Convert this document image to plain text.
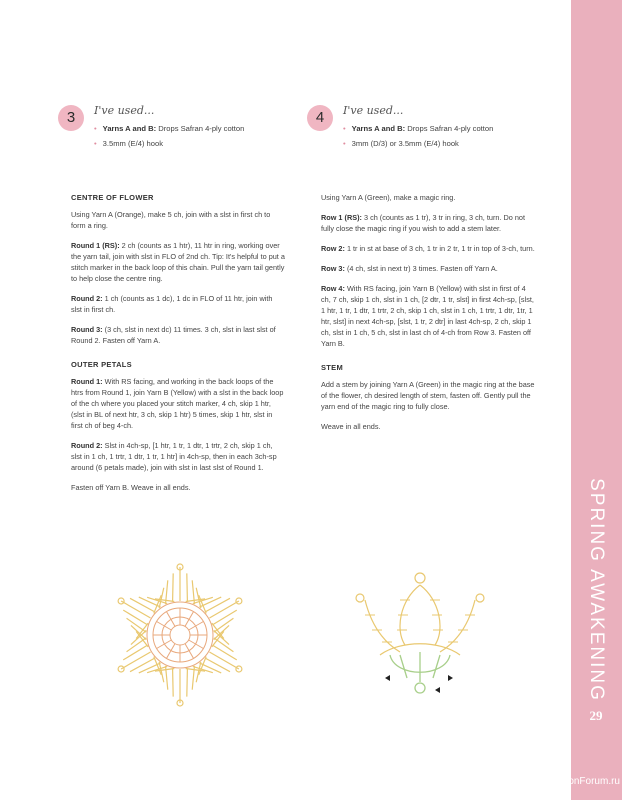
SPRING AWAKENING
29
PassionForum.ru
3	I've used...
• Yarns A and B: Drops Safran 4-ply cotton
• 3.5mm (E/4) hook
4	I've used...
• Yarns A and B: Drops Safran 4-ply cotton
• 3mm (D/3) or 3.5mm (E/4) hook
CENTRE OF FLOWER

Using Yarn A (Orange), make 5 ch, join with a slst in first ch to form a ring.

Round 1 (RS): 2 ch (counts as 1 htr), 11 htr in ring, working over the yarn tail, join with slst in FLO of 2nd ch. Tip: It's helpful to put a stitch marker in the back loop of this chain. Pull the yarn tail gently to help close the centre ring.

Round 2: 1 ch (counts as 1 dc), 1 dc in FLO of 11 htr, join with slst in first ch.

Round 3: (3 ch, slst in next dc) 11 times. 3 ch, slst in last slst of Round 2. Fasten off Yarn A.

OUTER PETALS

Round 1: With RS facing, and working in the back loops of the htrs from Round 1, join Yarn B (Yellow) with a slst in the back loop of the ch where you placed your stitch marker, 4 ch, skip 1 htr, (slst in BL of next htr, 3 ch, skip 1 htr) 5 times, skip 1 htr, slst in first ch of beg 4-ch.

Round 2: Slst in 4ch-sp, [1 htr, 1 tr, 1 dtr, 1 trtr, 2 ch, skip 1 ch, slst in 1 ch, 1 trtr, 1 dtr, 1 tr, 1 htr] in 4ch-sp, then in each 3ch-sp around (6 petals made), join with slst in last slst of Round 1.

Fasten off Yarn B. Weave in all ends.

Using Yarn A (Green), make a magic ring.

Row 1 (RS): 3 ch (counts as 1 tr), 3 tr in ring, 3 ch, turn. Do not fully close the magic ring if you wish to add a stem later.

Row 2: 1 tr in st at base of 3 ch, 1 tr in 2 tr, 1 tr in top of 3-ch, turn.

Row 3: (4 ch, slst in next tr) 3 times. Fasten off Yarn A.

Row 4: With RS facing, join Yarn B (Yellow) with slst in first of 4 ch, 7 ch, skip 1 ch, slst in 1 ch, [2 dtr, 1 tr, slst] in first 4ch-sp, [slst, 1 htr, 1 tr, 1 dtr, 1 trtr, 2 ch, skip 1 ch, slst in 1 ch, 1 trtr, 1 dtr, 1tr, 1 htr, slst] in next 4ch-sp, [slst, 1 tr, 2 dtr] in last 4ch-sp, 2 ch, skip 1 ch, slst in 1 ch, 5 ch, slst in last ch of 4-ch from Row 3. Fasten off Yarn B.

STEM

Add a stem by joining Yarn A (Green) in the magic ring at the base of the flower, ch desired length of stem, fasten off. Gently pull the yarn end of the magic ring to fully close.

Weave in all ends.
